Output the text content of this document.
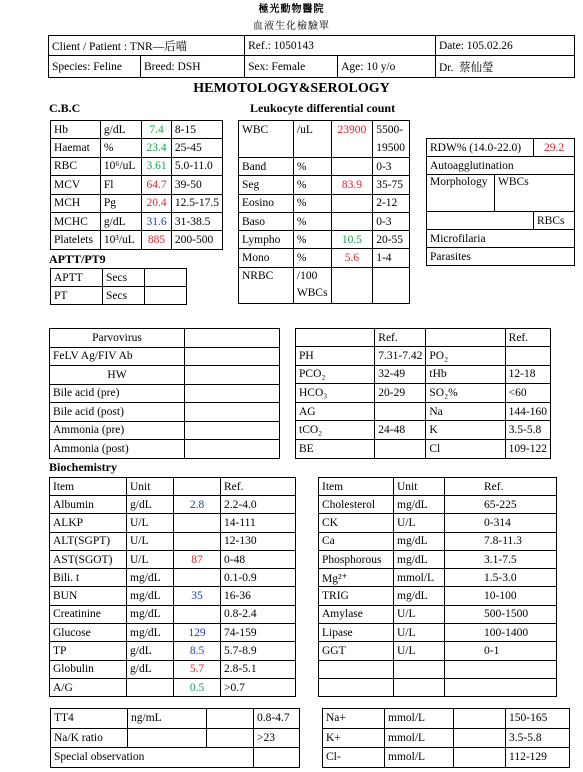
極光動物醫院
血液生化檢驗單
Client / Patient : TNR—后喵		Ref.: 1050143		Date: 105.02.26
Species: Feline	Breed: DSH	Sex: Female	Age: 10 y/o	Dr. 蔡仙瑩
HEMOTOLOGY&SEROLOGY
C.B.C	Leukocyte differential count
Hb	g/dL	7.4	8-15
Haemat	%	23.4	25-45
RBC	10⁶/uL	3.61	5.0-11.0
MCV	Fl	64.7	39-50
MCH	Pg	20.4	12.5-17.5
MCHC	g/dL	31.6	31-38.5
Platelets	10³/uL	885	200-500
WBC	/uL	23900	5500-
19500

Band	%		0-3
Seg	%	83.9	35-75
Eosino	%		2-12
Baso	%		0-3
Lympho	%	10.5	20-55
Mono	%	5.6	1-4
NRBC	/100
WBCs		

RDW% (14.0-22.0)	29.2
Autoagglutination	

Morphology WBCs	

	RBCs
Microfilaria	
Parasites	
APTT/PT9
APTT	Secs	
PT	Secs	
Parvovirus	
FeLV Ag/FIV Ab	
HW	
Bile acid (pre)	
Bile acid (post)	
Ammonia (pre)	
Ammonia (post)	
	Ref.		Ref.
PH	7.31-7.42	PO₂	
PCO₂	32-49	tHb	12-18
HCO₃	20-29	SO₂%	<60
AG		Na	144-160
tCO₂	24-48	K	3.5-5.8
BE		Cl	109-122
Biochemistry
Item	Unit		Ref.
Albumin	g/dL	2.8	2.2-4.0
ALKP	U/L		14-111
ALT(SGPT)	U/L		12-130
AST(SGOT)	U/L	87	0-48
Bili. t	mg/dL		0.1-0.9
BUN	mg/dL	35	16-36
Creatinine	mg/dL		0.8-2.4
Glucose	mg/dL	129	74-159
TP	g/dL	8.5	5.7-8.9
Globulin	g/dL	5.7	2.8-5.1
A/G		0.5	>0.7
Item	Unit		Ref.
Cholesterol	mg/dL		65-225
CK	U/L		0-314
Ca	mg/dL		7.8-11.3
Phosphorous	mg/dL		3.1-7.5
Mg²⁺	mmol/L		1.5-3.0
TRIG	mg/dL		10-100
Amylase	U/L		500-1500
Lipase	U/L		100-1400
GGT	U/L		0-1

TT4	ng/mL		0.8-4.7
Na/K ratio			>23
Special observation			
Na+	mmol/L		150-165
K+	mmol/L		3.5-5.8
Cl-	mmol/L		112-129
